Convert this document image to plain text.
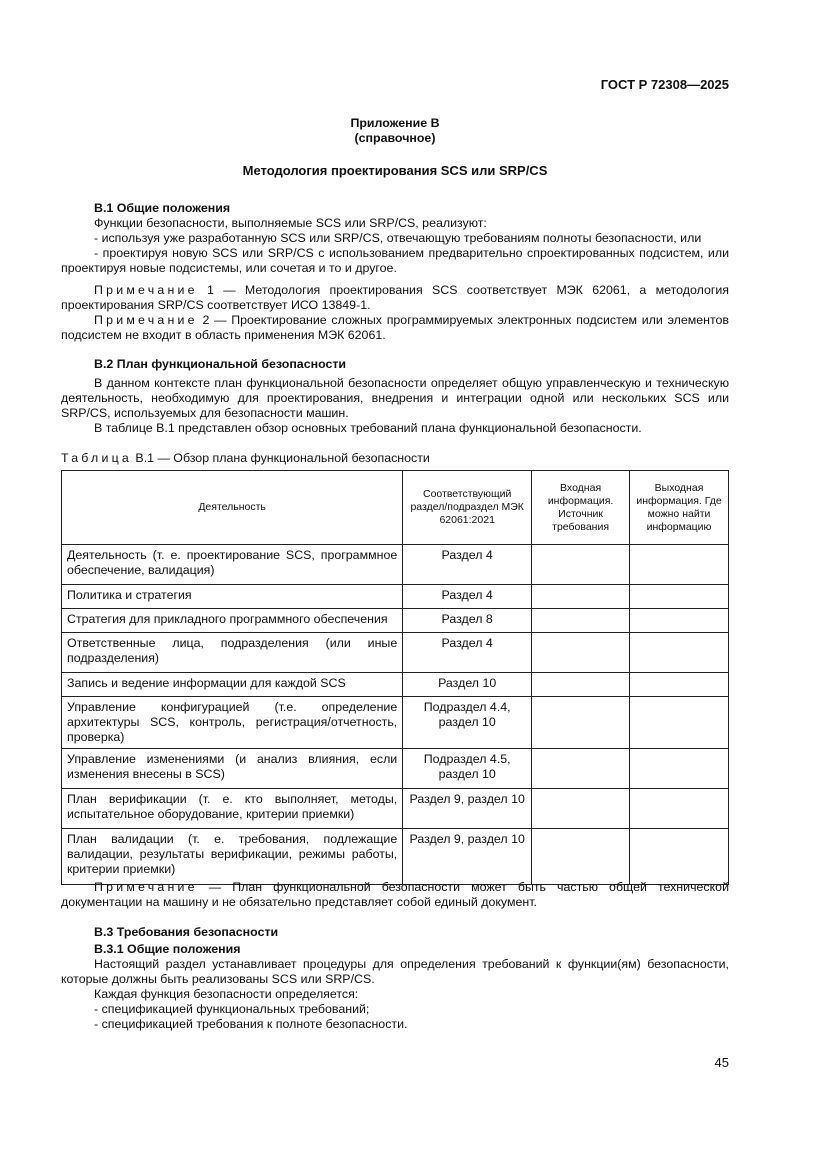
ГОСТ Р 72308—2025
Приложение В
(справочное)
Методология проектирования SCS или SRP/CS

В.1 Общие положения

Функции безопасности, выполняемые SCS или SRP/CS, реализуют:

- используя уже разработанную SCS или SRP/CS, отвечающую требованиям полноты безопасности, или

- проектируя новую SCS или SRP/CS с использованием предварительно спроектированных подсистем, или проектируя новые подсистемы, или сочетая и то и другое.

Примечание 1 — Методология проектирования SCS соответствует МЭК 62061, а методология проектирования SRP/CS соответствует ИСО 13849-1.

Примечание 2 — Проектирование сложных программируемых электронных подсистем или элементов подсистем не входит в область применения МЭК 62061.

В.2 План функциональной безопасности

В данном контексте план функциональной безопасности определяет общую управленческую и техническую деятельность, необходимую для проектирования, внедрения и интеграции одной или нескольких SCS или SRP/CS, используемых для безопасности машин.

В таблице В.1 представлен обзор основных требований плана функциональной безопасности.

Таблица В.1 — Обзор плана функциональной безопасности
Деятельность	Соответствующий раздел/подраздел МЭК 62061:2021	Входная информация. Источник требования	Выходная информация. Где можно найти информацию
Деятельность (т. е. проектирование SCS, программное обеспечение, валидация)	Раздел 4		
Политика и стратегия	Раздел 4		
Стратегия для прикладного программного обеспечения	Раздел 8		
Ответственные лица, подразделения (или иные подразделения)	Раздел 4		
Запись и ведение информации для каждой SCS	Раздел 10		
Управление конфигурацией (т.е. определение архитектуры SCS, контроль, регистрация/отчетность, проверка)	Подраздел 4.4, раздел 10		
Управление изменениями (и анализ влияния, если изменения внесены в SCS)	Подраздел 4.5, раздел 10		
План верификации (т. е. кто выполняет, методы, испытательное оборудование, критерии приемки)	Раздел 9, раздел 10		
План валидации (т. е. требования, подлежащие валидации, результаты верификации, режимы работы, критерии приемки)	Раздел 9, раздел 10		

Примечание — План функциональной безопасности может быть частью общей технической документации на машину и не обязательно представляет собой единый документ.

В.3 Требования безопасности

В.3.1 Общие положения

Настоящий раздел устанавливает процедуры для определения требований к функции(ям) безопасности, которые должны быть реализованы SCS или SRP/CS.

Каждая функция безопасности определяется:

- спецификацией функциональных требований;

- спецификацией требования к полноте безопасности.

45
